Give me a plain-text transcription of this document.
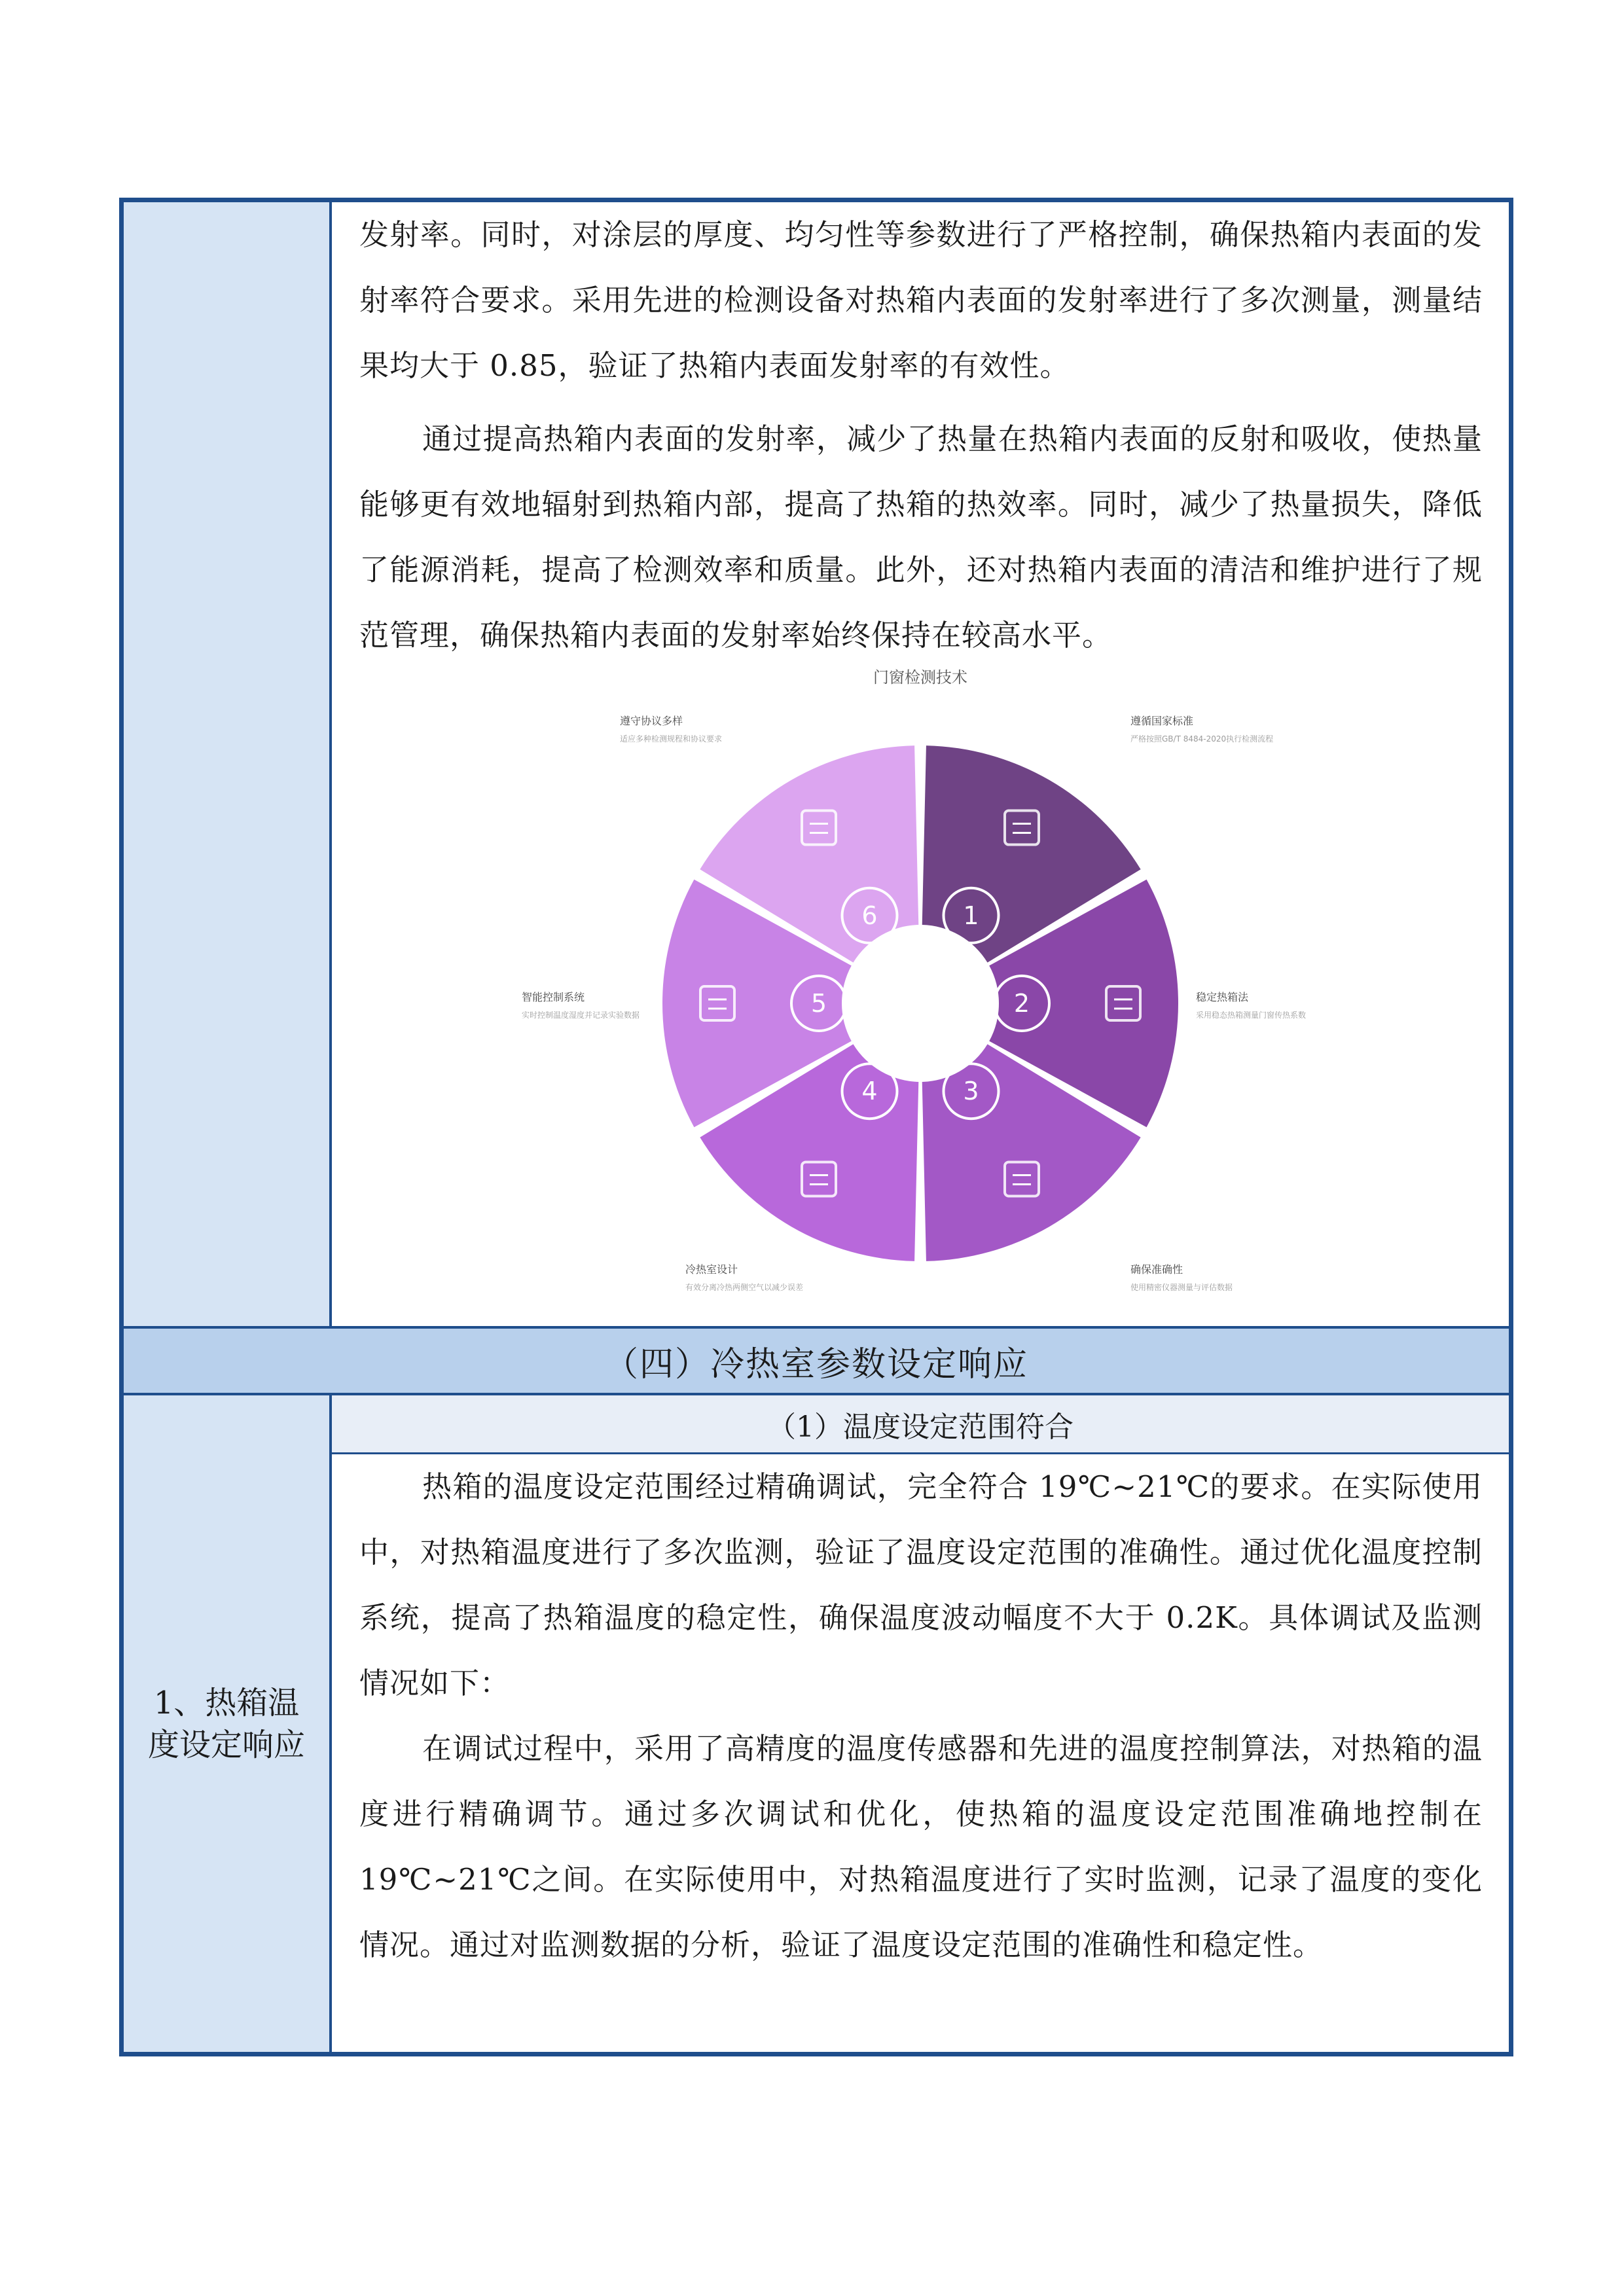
发射率。同时，对涂层的厚度、均匀性等参数进行了严格控制，确保热箱内表面的发射率符合要求。采用先进的检测设备对热箱内表面的发射率进行了多次测量，测量结果均大于 0.85，验证了热箱内表面发射率的有效性。

通过提高热箱内表面的发射率，减少了热量在热箱内表面的反射和吸收，使热量能够更有效地辐射到热箱内部，提高了热箱的热效率。同时，减少了热量损失，降低了能源消耗，提高了检测效率和质量。此外，还对热箱内表面的清洁和维护进行了规范管理，确保热箱内表面的发射率始终保持在较高水平。

门窗检测技术
1
2
3
4
5
6
遵循国家标准
严格按照GB/T 8484-2020执行检测流程
稳定热箱法
采用稳态热箱测量门窗传热系数
确保准确性
使用精密仪器测量与评估数据
冷热室设计
有效分离冷热两侧空气以减少误差
智能控制系统
实时控制温度湿度并记录实验数据
遵守协议多样
适应多种检测规程和协议要求
（四）冷热室参数设定响应
1、热箱温度设定响应
（1）温度设定范围符合

热箱的温度设定范围经过精确调试，完全符合 19℃~21℃的要求。在实际使用中，对热箱温度进行了多次监测，验证了温度设定范围的准确性。通过优化温度控制系统，提高了热箱温度的稳定性，确保温度波动幅度不大于 0.2K。具体调试及监测情况如下：

在调试过程中，采用了高精度的温度传感器和先进的温度控制算法，对热箱的温度进行精确调节。通过多次调试和优化，使热箱的温度设定范围准确地控制在 19℃~21℃之间。在实际使用中，对热箱温度进行了实时监测，记录了温度的变化情况。通过对监测数据的分析，验证了温度设定范围的准确性和稳定性。
